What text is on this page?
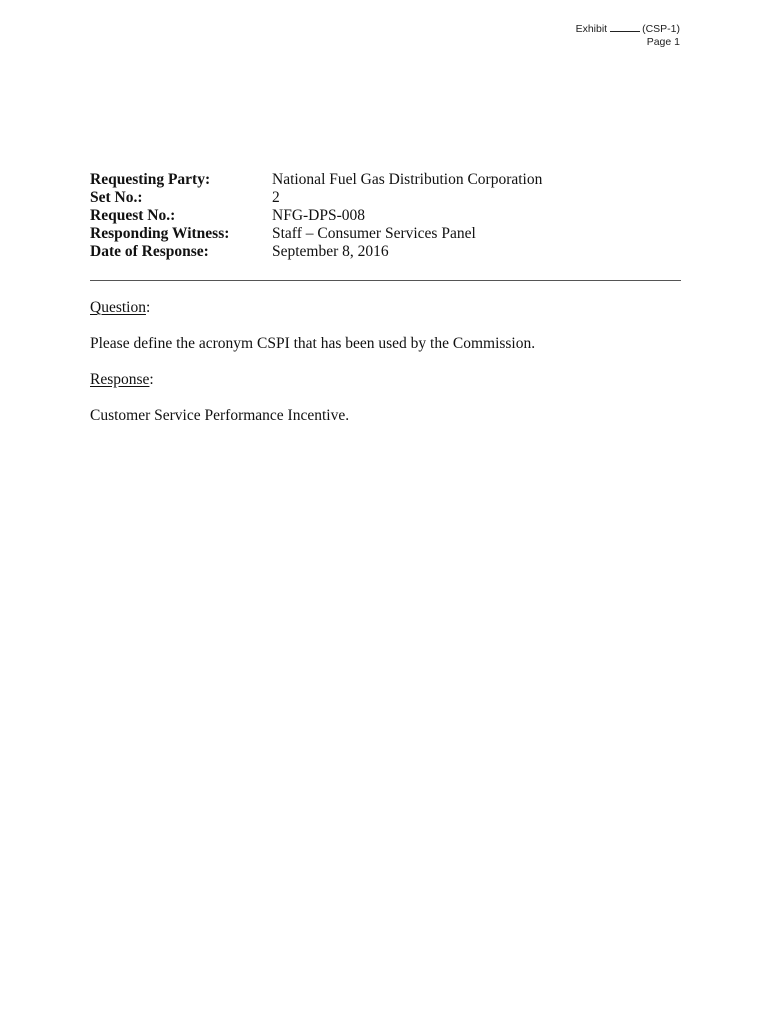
Exhibit	(CSP-1)
Page 1
Requesting Party:	National Fuel Gas Distribution Corporation
Set No.:	2
Request No.:	NFG-DPS-008
Responding Witness:	Staff – Consumer Services Panel
Date of Response:	September 8, 2016
Question:
Please define the acronym CSPI that has been used by the Commission.
Response:
Customer Service Performance Incentive.
